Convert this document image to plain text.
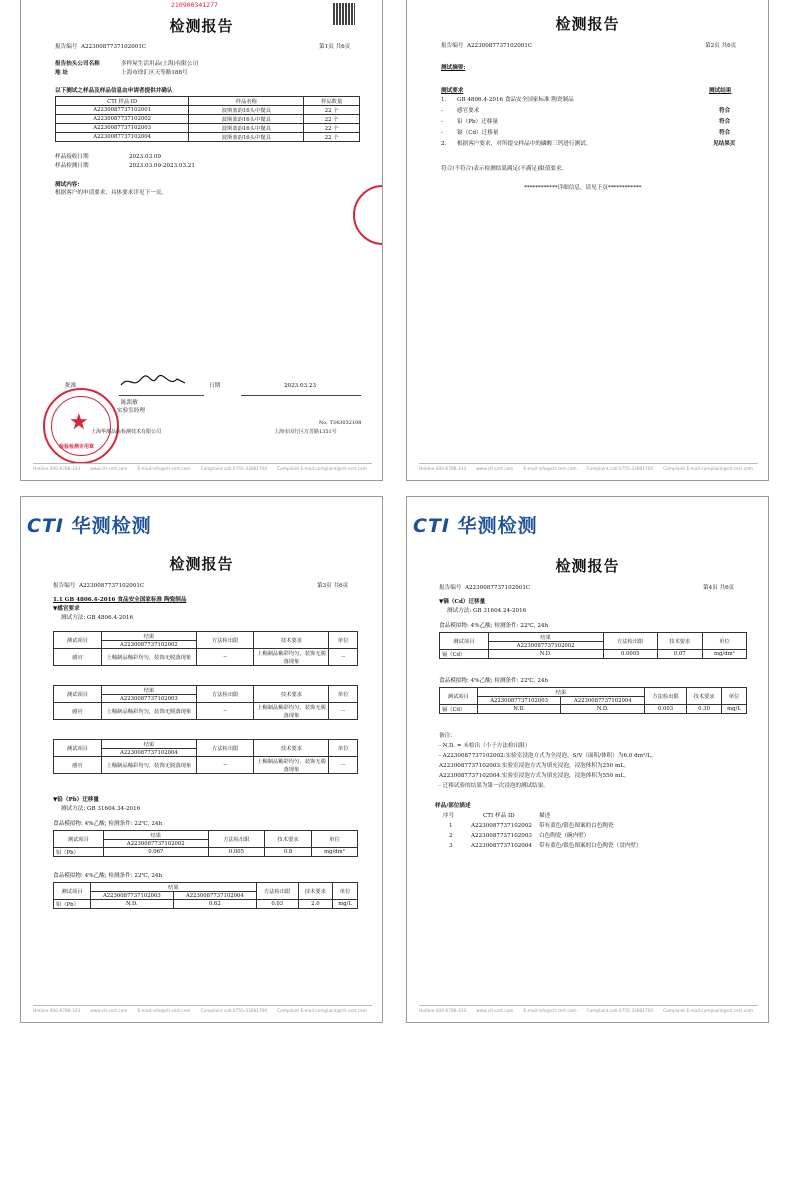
210900341277
检测报告
报告编号 A2230087737102001C	第1页 共6页
报告抬头公司名称	多样屋生活用品(上海)有限公司
地 址	上海市徐汇区天等路188号
以下测试之样品及样品信息由申请者提供并确认
CTI 样品 ID	样品名称	样品数量
A2230087737102001	波斯蓝韵16头中餐具	22 个
A2230087737102002	波斯蓝韵16头中餐具	22 个
A2230087737102003	波斯蓝韵16头中餐具	22 个
A2230087737102004	波斯蓝韵16头中餐具	22 个
样品接收日期	2023.03.09
样品检测日期	2023.03.09-2023.03.21
测试内容:
根据客户的申请要求，具体要求详见下一页。
批准	日期	2023.03.23
陈凯敏
实验室经理
★
检验检测专用章
上海华测品标检测技术有限公司
No. T343032108
上海市闵行区万芳路1351号
Hotline:400-6788-333 www.cti-cert.com E-mail:info@cti-cert.com Complaint call:0755-33681700 Complaint E-mail:complaint@cti-cert.com
检测报告
报告编号 A2230087737102001C	第2页 共6页
测试摘要:
测试要求	测试结果
1. GB 4806.4-2016 食品安全国家标准 陶瓷制品
-	感官要求	符合
-	铅（Pb）迁移量	符合
-	镉（Cd）迁移量	符合
2. 根据客户要求，对所提交样品中的磷酸三钙进行测试。	见结果页
符合(不符合)表示检测结果满足(不满足)限值要求。
************详细信息，请见下页************
Hotline:400-6788-333 www.cti-cert.com E-mail:info@cti-cert.com Complaint call:0755-33681700 Complaint E-mail:complaint@cti-cert.com
CTI 华测检测
检测报告
报告编号 A2230087737102001C	第3页 共6页
1.1 GB 4806.4-2016 食品安全国家标准 陶瓷制品
▼感官要求
测试方法: GB 4806.4-2016
测试项目	结果	方法检出限	技术要求	单位
	A2230087737102002			
感官	上釉制品釉彩均匀，装饰无脱落现象	--	上釉制品釉彩均匀，装饰无脱落现象	--
测试项目	结果	方法检出限	技术要求	单位
	A2230087737102003			
感官	上釉制品釉彩均匀，装饰无脱落现象	--	上釉制品釉彩均匀，装饰无脱落现象	--
测试项目	结果	方法检出限	技术要求	单位
	A2230087737102004			
感官	上釉制品釉彩均匀，装饰无脱落现象	--	上釉制品釉彩均匀，装饰无脱落现象	--
▼铅（Pb）迁移量
测试方法: GB 31604.34-2016
食品模拟物: 4%乙酸; 检测条件: 22℃, 24h
测试项目	结果	方法检出限	技术要求	单位
	A2230087737102002			
铅（Pb）	0.067	0.005	0.8	mg/dm²
食品模拟物: 4%乙酸; 检测条件: 22℃, 24h
测试项目	结果		方法检出限	技术要求	单位
	A2230087737102003	A2230087737102004			
铅（Pb）	N.D.	0.62	0.03	2.0	mg/L
Hotline:400-6788-333 www.cti-cert.com E-mail:info@cti-cert.com Complaint call:0755-33681700 Complaint E-mail:complaint@cti-cert.com
CTI 华测检测
检测报告
报告编号 A2230087737102001C	第4页 共6页
▼镉（Cd）迁移量
测试方法: GB 31604.24-2016
食品模拟物: 4%乙酸; 检测条件: 22℃, 24h
测试项目	结果	方法检出限	技术要求	单位
	A2230087737102002			
镉（Cd）	N.D.	0.0005	0.07	mg/dm²
食品模拟物: 4%乙酸; 检测条件: 22℃, 24h
测试项目	结果		方法检出限	技术要求	单位
	A2230087737102003	A2230087737102004			
镉（Cd）	N.D.	N.D.	0.003	0.30	mg/L
备注:
- N.D. = 未检出（小于方法检出限）
- A2230087737102002:实验室浸泡方式为全浸泡，S/V（面积/体积）为6.0 dm²/L。
A2230087737102003:实验室浸泡方式为填充浸泡，浸泡体积为250 mL。
A2230087737102004:实验室浸泡方式为填充浸泡，浸泡体积为550 mL。
- 迁移试验的结果为第一次浸泡的测试结果。
样品/部位描述
序号	CTI 样品 ID	描述
1	A2230087737102002 带有蓝色/银色图案的白色陶瓷
2	A2230087737102003 白色陶瓷（碗内壁）
3	A2230087737102004 带有蓝色/银色图案的白色陶瓷（盘内壁）
Hotline:400-6788-333 www.cti-cert.com E-mail:info@cti-cert.com Complaint call:0755-33681700 Complaint E-mail:complaint@cti-cert.com
